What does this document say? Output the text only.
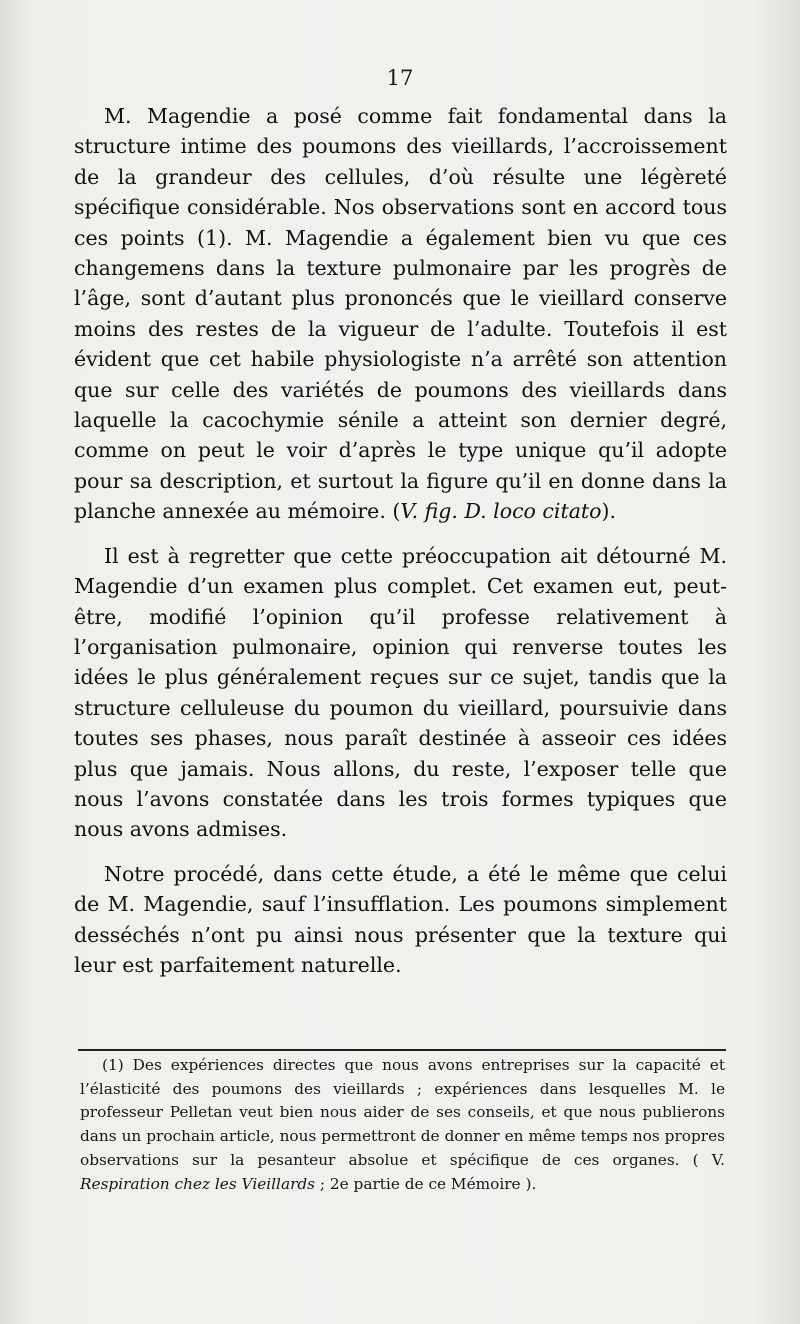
17

M. Magendie a posé comme fait fondamental dans la structure intime des poumons des vieillards, l’accroissement de la grandeur des cellules, d’où résulte une légèreté spécifique considérable. Nos observations sont en accord tous ces points (1). M. Magendie a également bien vu que ces changemens dans la texture pulmonaire par les progrès de l’âge, sont d’autant plus prononcés que le vieillard conserve moins des restes de la vigueur de l’adulte. Toutefois il est évident que cet habile physiologiste n’a arrêté son attention que sur celle des variétés de poumons des vieillards dans laquelle la cacochymie sénile a atteint son dernier degré, comme on peut le voir d’après le type unique qu’il adopte pour sa description, et surtout la figure qu’il en donne dans la planche annexée au mémoire. (V. fig. D. loco citato).

Il est à regretter que cette préoccupation ait détourné M. Magendie d’un examen plus complet. Cet examen eut, peut-être, modifié l’opinion qu’il professe relativement à l’organisation pulmonaire, opinion qui renverse toutes les idées le plus généralement reçues sur ce sujet, tandis que la structure celluleuse du poumon du vieillard, poursuivie dans toutes ses phases, nous paraît destinée à asseoir ces idées plus que jamais. Nous allons, du reste, l’exposer telle que nous l’avons constatée dans les trois formes typiques que nous avons admises.

Notre procédé, dans cette étude, a été le même que celui de M. Magendie, sauf l’insufflation. Les poumons simplement desséchés n’ont pu ainsi nous présenter que la texture qui leur est parfaitement naturelle.

(1) Des expériences directes que nous avons entreprises sur la capacité et l’élasticité des poumons des vieillards ; expériences dans lesquelles M. le professeur Pelletan veut bien nous aider de ses conseils, et que nous publierons dans un prochain article, nous permettront de donner en même temps nos propres observations sur la pesanteur absolue et spécifique de ces organes. ( V. Respiration chez les Vieillards ; 2e partie de ce Mémoire ).
